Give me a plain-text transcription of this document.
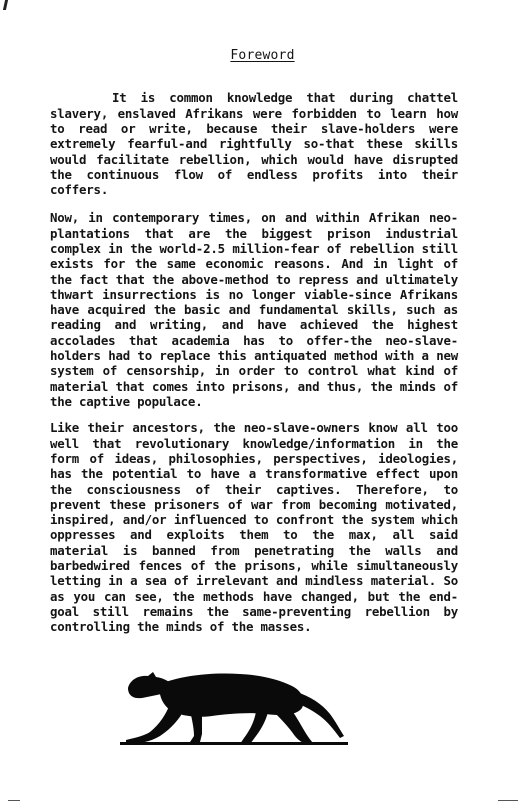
Foreword

It is common knowledge that during chattel slavery, enslaved Afrikans were forbidden to learn how to read or write, because their slave-holders were extremely fearful-and rightfully so-that these skills would facilitate rebellion, which would have disrupted the continuous flow of endless profits into their coffers.

Now, in contemporary times, on and within Afrikan neo-plantations that are the biggest prison industrial complex in the world-2.5 million-fear of rebellion still exists for the same economic reasons. And in light of the fact that the above-method to repress and ultimately thwart insurrections is no longer viable-since Afrikans have acquired the basic and fundamental skills, such as reading and writing, and have achieved the highest accolades that academia has to offer-the neo-slave-holders had to replace this antiquated method with a new system of censorship, in order to control what kind of material that comes into prisons, and thus, the minds of the captive populace.

Like their ancestors, the neo-slave-owners know all too well that revolutionary knowledge/information in the form of ideas, philosophies, perspectives, ideologies, has the potential to have a transformative effect upon the consciousness of their captives. Therefore, to prevent these prisoners of war from becoming motivated, inspired, and/or influenced to confront the system which oppresses and exploits them to the max, all said material is banned from penetrating the walls and barbedwired fences of the prisons, while simultaneously letting in a sea of irrelevant and mindless material. So as you can see, the methods have changed, but the end-goal still remains the same-preventing rebellion by controlling the minds of the masses.
